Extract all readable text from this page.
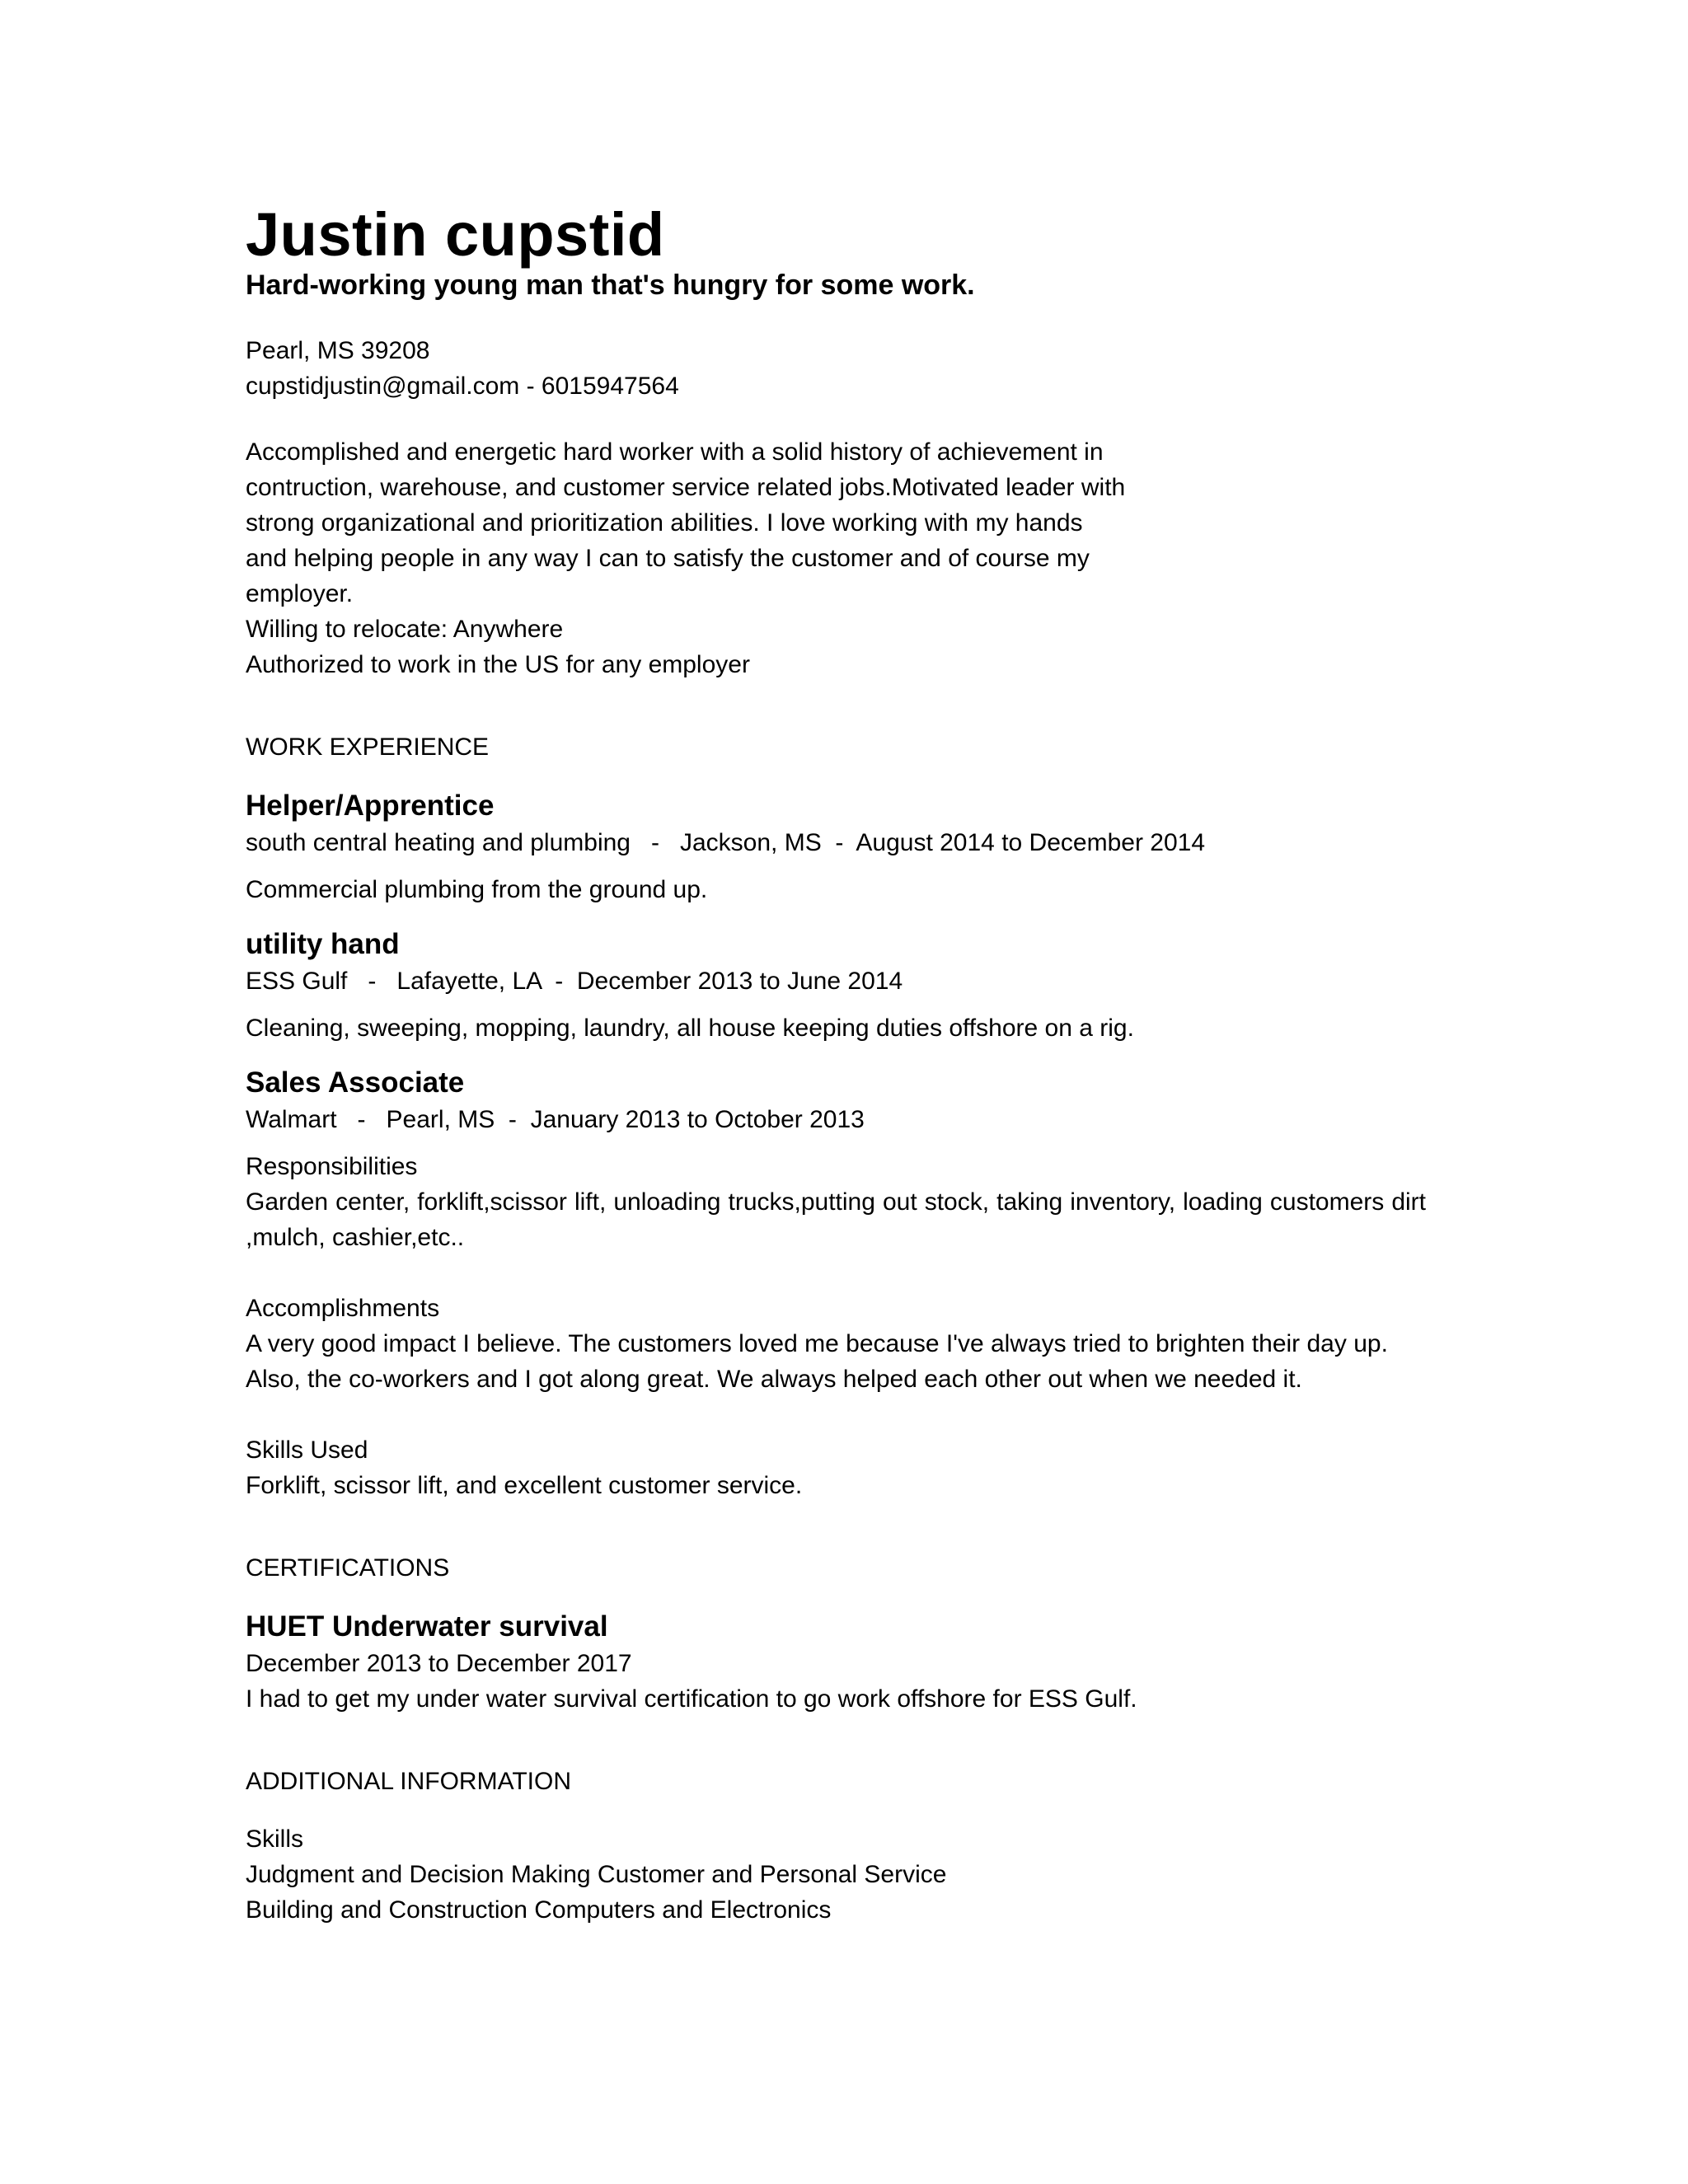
Justin cupstid
Hard-working young man that's hungry for some work.

Pearl, MS 39208

cupstidjustin@gmail.com - 6015947564

Accomplished and energetic hard worker with a solid history of achievement in

contruction, warehouse, and customer service related jobs.Motivated leader with

strong organizational and prioritization abilities. I love working with my hands

and helping people in any way I can to satisfy the customer and of course my

employer.

Willing to relocate: Anywhere

Authorized to work in the US for any employer

WORK EXPERIENCE
Helper/Apprentice

south central heating and plumbing   -   Jackson, MS  -  August 2014 to December 2014

Commercial plumbing from the ground up.

utility hand

ESS Gulf   -   Lafayette, LA  -  December 2013 to June 2014

Cleaning, sweeping, mopping, laundry, all house keeping duties offshore on a rig.

Sales Associate

Walmart   -   Pearl, MS  -  January 2013 to October 2013

Responsibilities

Garden center, forklift,scissor lift, unloading trucks,putting out stock, taking inventory, loading customers dirt ,mulch, cashier,etc..

Accomplishments

A very good impact I believe. The customers loved me because I've always tried to brighten their day up. Also, the co-workers and I got along great. We always helped each other out when we needed it.

Skills Used

Forklift, scissor lift, and excellent customer service.

CERTIFICATIONS
HUET Underwater survival

December 2013 to December 2017

I had to get my under water survival certification to go work offshore for ESS Gulf.

ADDITIONAL INFORMATION

Skills

Judgment and Decision Making Customer and Personal Service

Building and Construction Computers and Electronics
